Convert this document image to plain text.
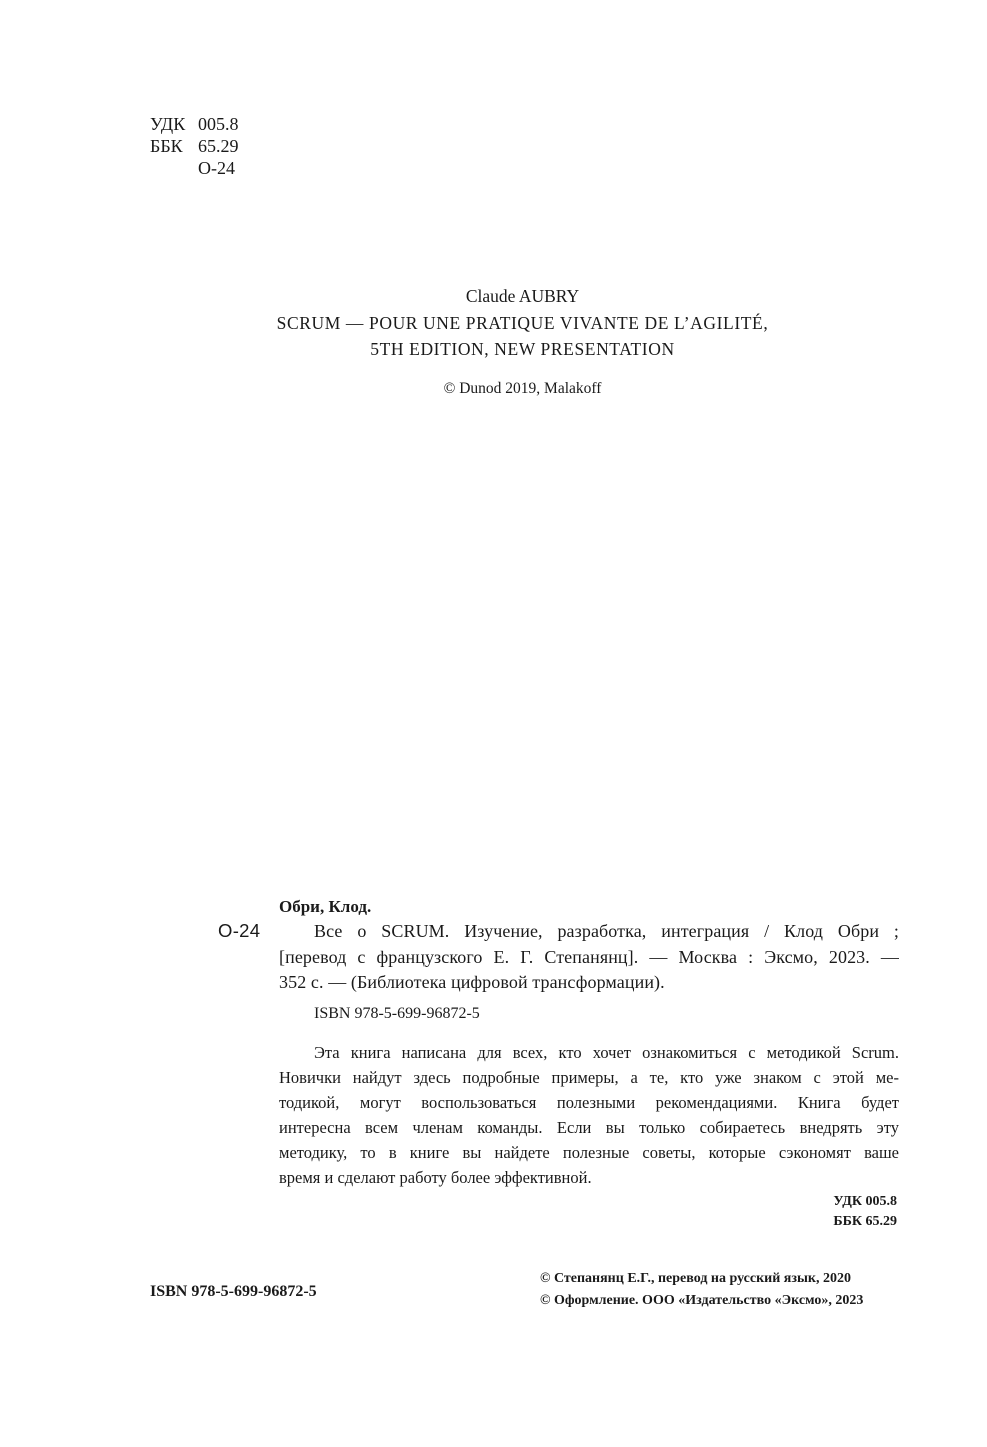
УДК 005.8
ББК 65.29
О-24
Claude AUBRY
SCRUM — POUR UNE PRATIQUE VIVANTE DE L’AGILITÉ,
5TH EDITION, NEW PRESENTATION
© Dunod 2019, Malakoff
Обри, Клод.
О-24	Все о SCRUM. Изучение, разработка, интеграция / Клод Обри ;
[перевод с французского Е. Г. Степанянц]. — Москва : Эксмо, 2023. —
352 с. — (Библиотека цифровой трансформации).
ISBN 978-5-699-96872-5
Эта книга написана для всех, кто хочет ознакомиться с методикой Scrum.
Новички найдут здесь подробные примеры, а те, кто уже знаком с этой ме-
тодикой, могут воспользоваться полезными рекомендациями. Книга будет
интересна всем членам команды. Если вы только собираетесь внедрять эту
методику, то в книге вы найдете полезные советы, которые сэкономят ваше
время и сделают работу более эффективной.
УДК 005.8
ББК 65.29
ISBN 978-5-699-96872-5
© Степанянц Е.Г., перевод на русский язык, 2020
© Оформление. ООО «Издательство «Эксмо», 2023
